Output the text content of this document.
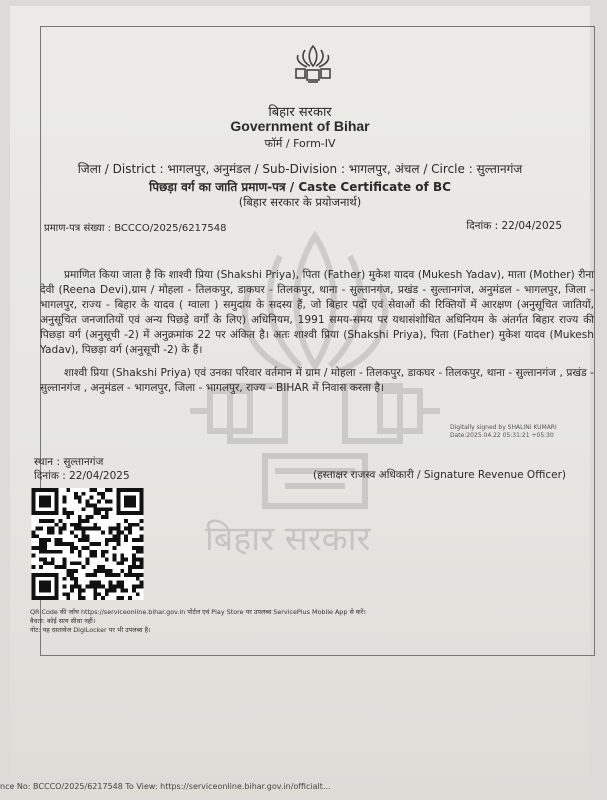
बिहार सरकार
बिहार सरकार
Government of Bihar
फॉर्म / Form-IV
जिला / District : भागलपुर, अनुमंडल / Sub-Division : भागलपुर, अंचल / Circle : सुल्तानगंज
पिछड़ा वर्ग का जाति प्रमाण-पत्र / Caste Certificate of BC
(बिहार सरकार के प्रयोजनार्थ)
प्रमाण-पत्र संख्या : BCCCO/2025/6217548	दिनांक : 22/04/2025
प्रमाणित किया जाता है कि शाश्वी प्रिया (Shakshi Priya), पिता (Father) मुकेश यादव (Mukesh Yadav), माता (Mother) रीना देवी (Reena Devi),ग्राम / मोहला - तिलकपुर, डाकघर - तिलकपुर, थाना - सुल्तानगंज, प्रखंड - सुल्तानगंज, अनुमंडल - भागलपुर, जिला - भागलपुर, राज्य - बिहार के यादव ( ग्वाला ) समुदाय के सदस्य हैं, जो बिहार पदों एवं सेवाओं की रिक्तियों में आरक्षण (अनुसूचित जातियों, अनुसूचित जनजातियों एवं अन्य पिछड़े वर्गों के लिए) अधिनियम, 1991 समय-समय पर यथासंशोधित अधिनियम के अंतर्गत बिहार राज्य की पिछड़ा वर्ग (अनुसूची -2) में अनुक्रमांक 22 पर अंकित है। अतः शाश्वी प्रिया (Shakshi Priya), पिता (Father) मुकेश यादव (Mukesh Yadav), पिछड़ा वर्ग (अनुसूची -2) के हैं।
शाश्वी प्रिया (Shakshi Priya) एवं उनका परिवार वर्तमान में ग्राम / मोहला - तिलकपुर, डाकघर - तिलकपुर, थाना - सुल्तानगंज , प्रखंड - सुल्तानगंज , अनुमंडल - भागलपुर, जिला - भागलपुर, राज्य - BIHAR में निवास करता है।
Digitally signed by SHALINI KUMARI
Date:2025.04.22 05:31:21 +05:30
स्थान : सुल्तानगंज
दिनांक : 22/04/2025	(हस्ताक्षर राजस्व अधिकारी / Signature Revenue Officer)
QR Code की जाँच https://serviceonline.bihar.gov.in पोर्टल एवं Play Store पर उपलब्ध ServicePlus Mobile App से करें।
वैधता: कोई सत्य सीधा नहीं।
नोट: यह दस्तावेज DigiLocker पर भी उपलब्ध है।
nce No: BCCCO/2025/6217548 To View: https://serviceonline.bihar.gov.in/officialt...
